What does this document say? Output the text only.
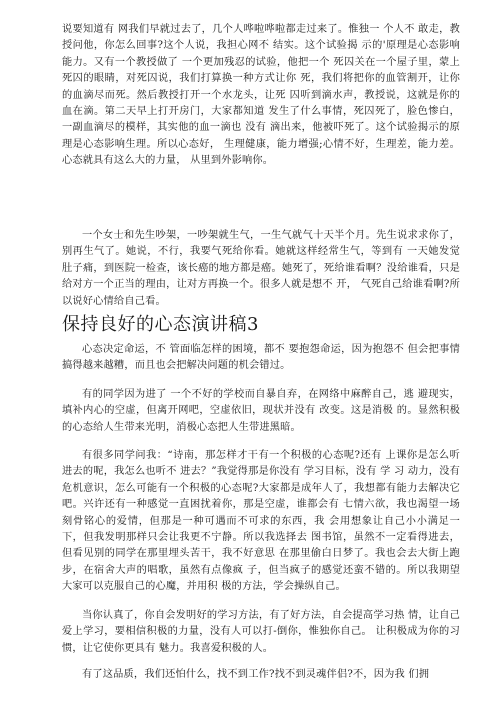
说要知道有 网我们早就过去了，几个人哗啦哗啦都走过来了。惟独一 个人不 敢走，教授问他，你怎么回事?这个人说，我担心网不 结实。这个试验揭 示的'原理是心态影响能力。又有一个教授做了 一个更加残忍的试验，他把一个 死囚关在一个屋子里，蒙上死囚的眼睛，对死囚说，我们打算换一种方式让你 死，我们将把你的血管割开，让你的血滴尽而死。然后教授打开一个水龙头，让死 囚听到滴水声，教授说，这就是你的血在滴。第二天早上打开房门，大家都知道 发生了什么事情，死囚死了，脸色惨白，一副血滴尽的模样，其实他的血一滴也 没有 滴出来，他被吓死了。这个试验揭示的原理是心态影响生理。所以心态好， 生理健康，能力增强;心情不好，生理差，能力差。心态就具有这么大的力量， 从里到外影响你。

一个女士和先生吵架，一吵架就生气，一生气就气十天半个月。先生说求求你了，别再生气了。她说，不行，我要气死给你看。她就这样经常生气，等到有 一天她发觉肚子痛，到医院一检查，该长癌的地方都是癌。她死了，死给谁看啊？没给谁看，只是给对方一个正当的理由，让对方再换一个。很多人就是想不 开， 气死自己给谁看啊?所以说好心情给自己看。

保持良好的心态演讲稿3

心态决定命运，不 管面临怎样的困境，都不 要抱怨命运，因为抱怨不 但会把事情搞得越来越糟，而且也会把解决问题的机会错过。

有的同学因为进了 一个不好的学校而自暴自弃，在网络中麻醉自己，逃 避现实，填补内心的空虚，但离开网吧，空虚依旧，现状并没有 改变。这是消极 的。显然积极的心态给人生带来光明，消极心态把人生带进黑暗。

有很多同学问我：“诗南，那怎样才干有一个积极的心态呢?还有 上课你是怎么听进去的呢，我怎么也听不 进去？”我觉得那是你没有 学习目标，没有 学 习 动力，没有危机意识，怎么可能有一个积极的心态呢?大家都是成年人了，我想都有能力去解决它吧。兴许还有一种感觉一直困扰着你，那是空虚，谁都会有 七情六欲，我也渴望一场刻骨铭心的爱情，但那是一种可遇而不可求的东西，我 会用想象让自己小小满足一下，但我发明那样只会让我更不宁静。所以我选择去 图书馆，虽然不一定看得进去，但看见别的同学在那里埋头苦干，我不好意思 在那里偷白日梦了。我也会去大街上跑步，在宿舍大声的唱歌，虽然有点像疯 子，但当疯子的感觉还蛮不错的。所以我期望大家可以克服自己的心魔，并用积 极的方法，学会操纵自己。

当你认真了，你自会发明好的学习方法，有了好方法，自会提高学习热 情，让自己爱上学习，要相信积极的力量，没有人可以打-倒你，惟独你自己。 让积极成为你的习惯，让它使你更具有 魅力。我喜爱积极的人。

有了这品质，我们还怕什么，找不到工作?找不到灵魂伴侣?不，因为我 们拥
